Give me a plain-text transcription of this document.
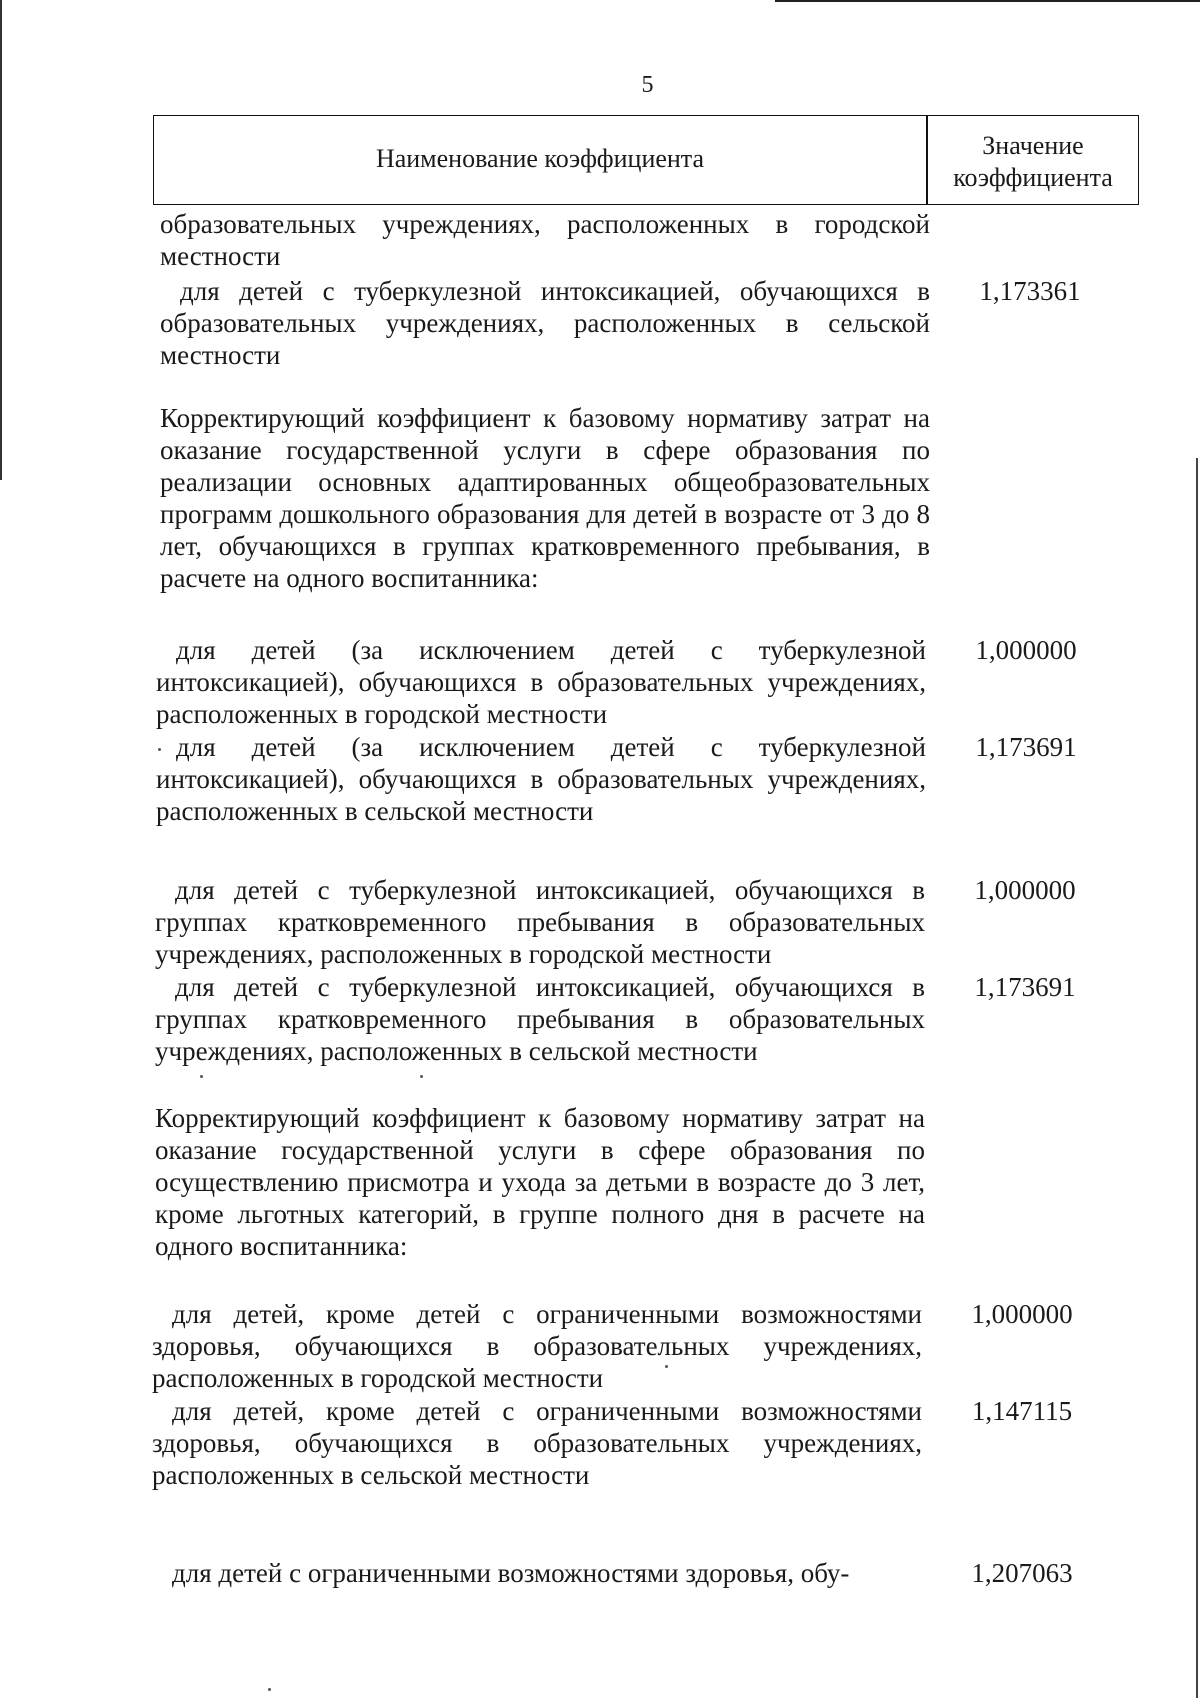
5
Наименование коэффициента	Значение коэффициента
образовательных учреждениях, расположенных в городской местности
для детей с туберкулезной интоксикацией, обучающихся в образовательных учреждениях, расположенных в сельской местности
1,173361
Корректирующий коэффициент к базовому нормативу затрат на оказание государственной услуги в сфере образования по реализации основных адаптированных общеобразовательных программ дошкольного образования для детей в возрасте от 3 до 8 лет, обучающихся в группах кратковременного пребывания, в расчете на одного воспитанника:
для детей (за исключением детей с туберкулезной интоксикацией), обучающихся в образовательных учреждениях, расположенных в городской местности
1,000000
для детей (за исключением детей с туберкулезной интоксикацией), обучающихся в образовательных учреждениях, расположенных в сельской местности
1,173691
для детей с туберкулезной интоксикацией, обучающихся в группах кратковременного пребывания в образовательных учреждениях, расположенных в городской местности
1,000000
для детей с туберкулезной интоксикацией, обучающихся в группах кратковременного пребывания в образовательных учреждениях, расположенных в сельской местности
1,173691
Корректирующий коэффициент к базовому нормативу затрат на оказание государственной услуги в сфере образования по осуществлению присмотра и ухода за детьми в возрасте до 3 лет, кроме льготных категорий, в группе полного дня в расчете на одного воспитанника:
для детей, кроме детей с ограниченными возможностями здоровья, обучающихся в образовательных учреждениях, расположенных в городской местности
1,000000
для детей, кроме детей с ограниченными возможностями здоровья, обучающихся в образовательных учреждениях, расположенных в сельской местности
1,147115
для детей с ограниченными возможностями здоровья, обу-	1,207063
